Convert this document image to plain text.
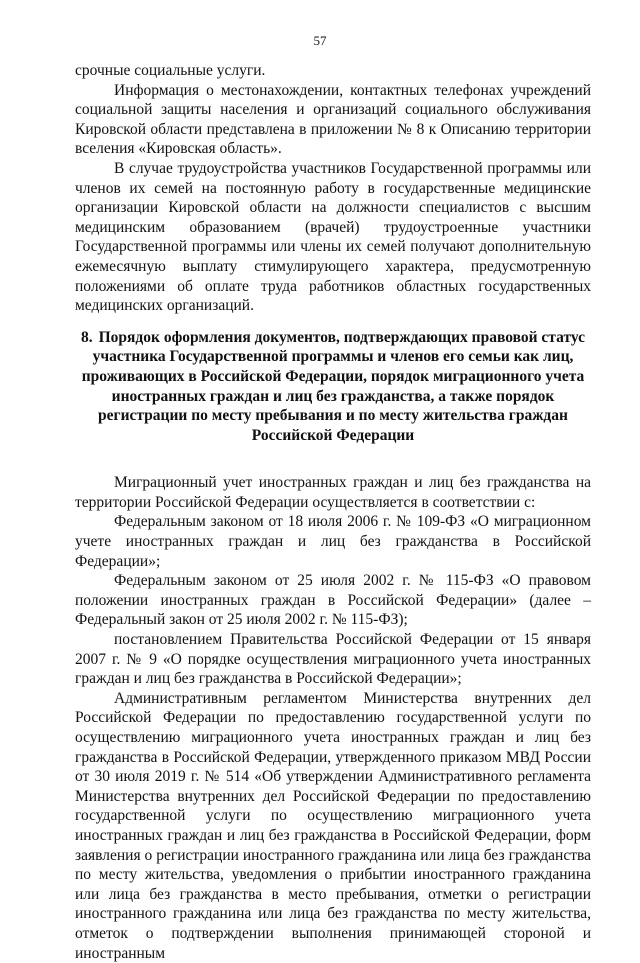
57

срочные социальные услуги.

Информация о местонахождении, контактных телефонах учреждений социальной защиты населения и организаций социального обслуживания Кировской области представлена в приложении № 8 к Описанию территории вселения «Кировская область».

В случае трудоустройства участников Государственной программы или членов их семей на постоянную работу в государственные медицинские организации Кировской области на должности специалистов с высшим медицинским образованием (врачей) трудоустроенные участники Государственной программы или члены их семей получают дополнительную ежемесячную выплату стимулирующего характера, предусмотренную положениями об оплате труда работников областных государственных медицинских организаций.

8. Порядок оформления документов, подтверждающих правовой статус участника Государственной программы и членов его семьи как лиц, проживающих в Российской Федерации, порядок миграционного учета иностранных граждан и лиц без гражданства, а также порядок регистрации по месту пребывания и по месту жительства граждан Российской Федерации

Миграционный учет иностранных граждан и лиц без гражданства на территории Российской Федерации осуществляется в соответствии с:

Федеральным законом от 18 июля 2006 г. № 109-ФЗ «О миграционном учете иностранных граждан и лиц без гражданства в Российской Федерации»;

Федеральным законом от 25 июля 2002 г. № 115-ФЗ «О правовом положении иностранных граждан в Российской Федерации» (далее – Федеральный закон от 25 июля 2002 г. № 115-ФЗ);

постановлением Правительства Российской Федерации от 15 января 2007 г. № 9 «О порядке осуществления миграционного учета иностранных граждан и лиц без гражданства в Российской Федерации»;

Административным регламентом Министерства внутренних дел Российской Федерации по предоставлению государственной услуги по осуществлению миграционного учета иностранных граждан и лиц без гражданства в Российской Федерации, утвержденного приказом МВД России от 30 июля 2019 г. № 514 «Об утверждении Административного регламента Министерства внутренних дел Российской Федерации по предоставлению государственной услуги по осуществлению миграционного учета иностранных граждан и лиц без гражданства в Российской Федерации, форм заявления о регистрации иностранного гражданина или лица без гражданства по месту жительства, уведомления о прибытии иностранного гражданина или лица без гражданства в место пребывания, отметки о регистрации иностранного гражданина или лица без гражданства по месту жительства, отметок о подтверждении выполнения принимающей стороной и иностранным
